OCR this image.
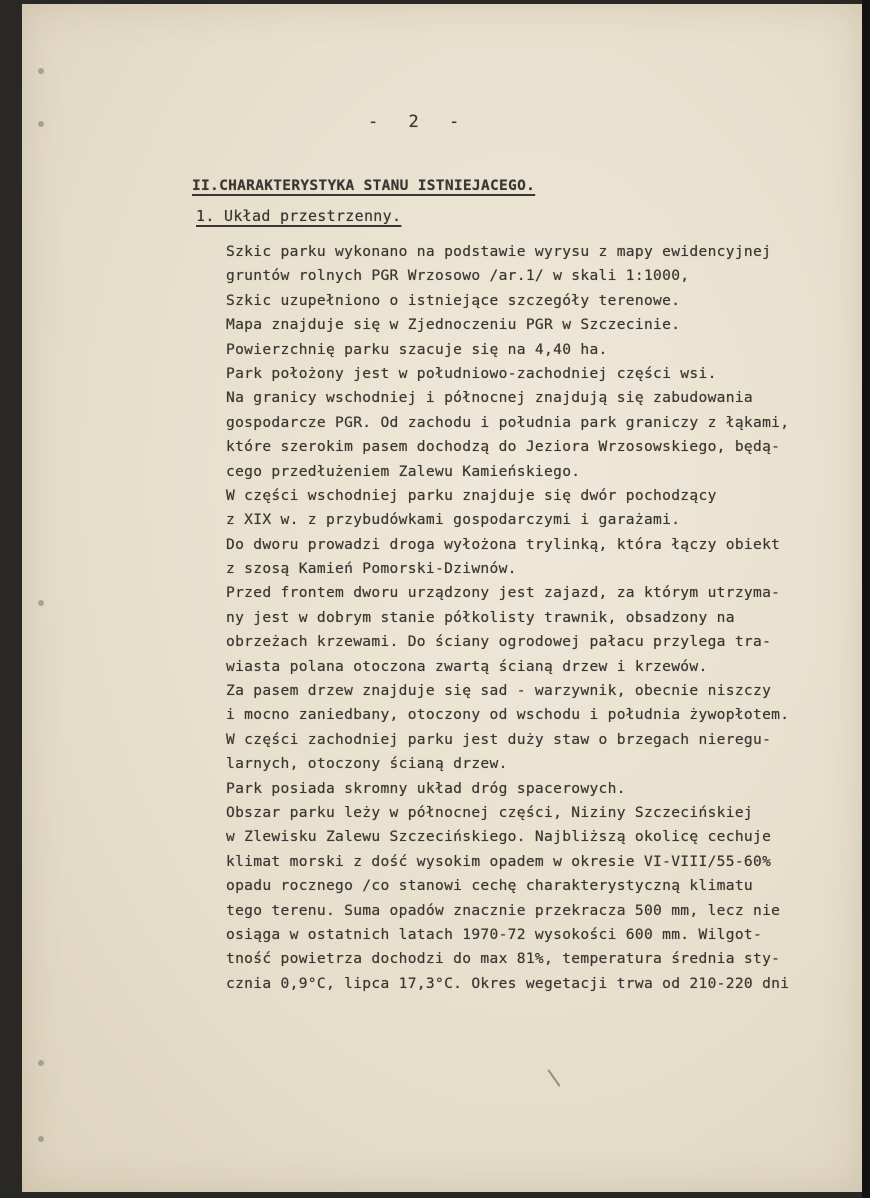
- 2 -
II.CHARAKTERYSTYKA STANU ISTNIEJACEGO.
1. Układ przestrzenny.
Szkic parku wykonano na podstawie wyrysu z mapy ewidencyjnej
gruntów rolnych PGR Wrzosowo /ar.1/ w skali 1:1000,
Szkic uzupełniono o istniejące szczegóły terenowe.
Mapa znajduje się w Zjednoczeniu PGR w Szczecinie.
Powierzchnię parku szacuje się na 4,40 ha.
Park położony jest w południowo-zachodniej części wsi.
Na granicy wschodniej i północnej znajdują się zabudowania
gospodarcze PGR. Od zachodu i południa park graniczy z łąkami,
które szerokim pasem dochodzą do Jeziora Wrzosowskiego, będą-
cego przedłużeniem Zalewu Kamieńskiego.
W części wschodniej parku znajduje się dwór pochodzący
z XIX w. z przybudówkami gospodarczymi i garażami.
Do dworu prowadzi droga wyłożona trylinką, która łączy obiekt
z szosą Kamień Pomorski-Dziwnów.
Przed frontem dworu urządzony jest zajazd, za którym utrzyma-
ny jest w dobrym stanie półkolisty trawnik, obsadzony na
obrzeżach krzewami. Do ściany ogrodowej pałacu przylega tra-
wiasta polana otoczona zwartą ścianą drzew i krzewów.
Za pasem drzew znajduje się sad - warzywnik, obecnie niszczy
i mocno zaniedbany, otoczony od wschodu i południa żywopłotem.
W części zachodniej parku jest duży staw o brzegach nieregu-
larnych, otoczony ścianą drzew.
Park posiada skromny układ dróg spacerowych.
Obszar parku leży w północnej części, Niziny Szczecińskiej
w Zlewisku Zalewu Szczecińskiego. Najbliższą okolicę cechuje
klimat morski z dość wysokim opadem w okresie VI-VIII/55-60%
opadu rocznego /co stanowi cechę charakterystyczną klimatu
tego terenu. Suma opadów znacznie przekracza 500 mm, lecz nie
osiąga w ostatnich latach 1970-72 wysokości 600 mm. Wilgot-
tność powietrza dochodzi do max 81%, temperatura średnia sty-
cznia 0,9°C, lipca 17,3°C. Okres wegetacji trwa od 210-220 dni
